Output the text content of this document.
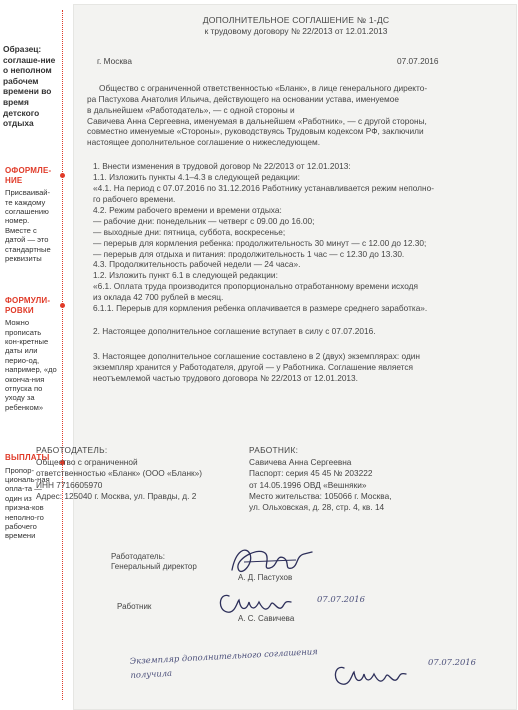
Образец: соглаше-ние о неполном рабочем времени во время детского отдыха
ОФОРМЛЕ-НИЕ
Присваивай-те каждому соглашению номер. Вместе с датой — это стандартные реквизиты
ФОРМУЛИ-РОВКИ
Можно прописать кон-кретные даты или перио-од, например, «до оконча-ния отпуска по уходу за ребенком»
ВЫПЛАТЫ
Пропор-циональ-ная опла-та — один из призна-ков неполно-го рабочего времени
ДОПОЛНИТЕЛЬНОЕ СОГЛАШЕНИЕ № 1-ДС
к трудовому договору № 22/2013 от 12.01.2013
г. Москва	07.07.2016
Общество с ограниченной ответственностью «Бланк», в лице генерального директо-
ра Пастухова Анатолия Ильича, действующего на основании устава, именуемое
в дальнейшем «Работодатель», — с одной стороны и
Савичева Анна Сергеевна, именуемая в дальнейшем «Работник», — с другой стороны,
совместно именуемые «Стороны», руководствуясь Трудовым кодексом РФ, заключили
настоящее дополнительное соглашение о нижеследующем.
1. Внести изменения в трудовой договор № 22/2013 от 12.01.2013:
1.1. Изложить пункты 4.1–4.3 в следующей редакции:
«4.1. На период с 07.07.2016 по 31.12.2016 Работнику устанавливается режим неполно-
го рабочего времени.
4.2. Режим рабочего времени и времени отдыха:
— рабочие дни: понедельник — четверг с 09.00 до 16.00;
— выходные дни: пятница, суббота, воскресенье;
— перерыв для кормления ребенка: продолжительность 30 минут — с 12.00 до 12.30;
— перерыв для отдыха и питания: продолжительность 1 час — с 12.30 до 13.30.
4.3. Продолжительность рабочей недели — 24 часа».
1.2. Изложить пункт 6.1 в следующей редакции:
«6.1. Оплата труда производится пропорционально отработанному времени исходя
из оклада 42 700 рублей в месяц.
6.1.1. Перерыв для кормления ребенка оплачивается в размере среднего заработка».
2. Настоящее дополнительное соглашение вступает в силу с 07.07.2016.
3. Настоящее дополнительное соглашение составлено в 2 (двух) экземплярах: один
экземпляр хранится у Работодателя, другой — у Работника. Соглашение является
неотъемлемой частью трудового договора № 22/2013 от 12.01.2013.
РАБОТОДАТЕЛЬ:
Общество с ограниченной
ответственностью «Бланк» (ООО «Бланк»)
ИНН 7716605970
Адрес: 125040 г. Москва, ул. Правды, д. 2
РАБОТНИК:
Савичева Анна Сергеевна
Паспорт: серия 45 45 № 203222
от 14.05.1996 ОВД «Вешняки»
Место жительства: 105066 г. Москва,
ул. Ольховская, д. 28, стр. 4, кв. 14
Работодатель:
Генеральный директор
А. Д. Пастухов
Работник
А. С. Савичева
07.07.2016
Экземпляр дополнительного соглашения получила
07.07.2016
